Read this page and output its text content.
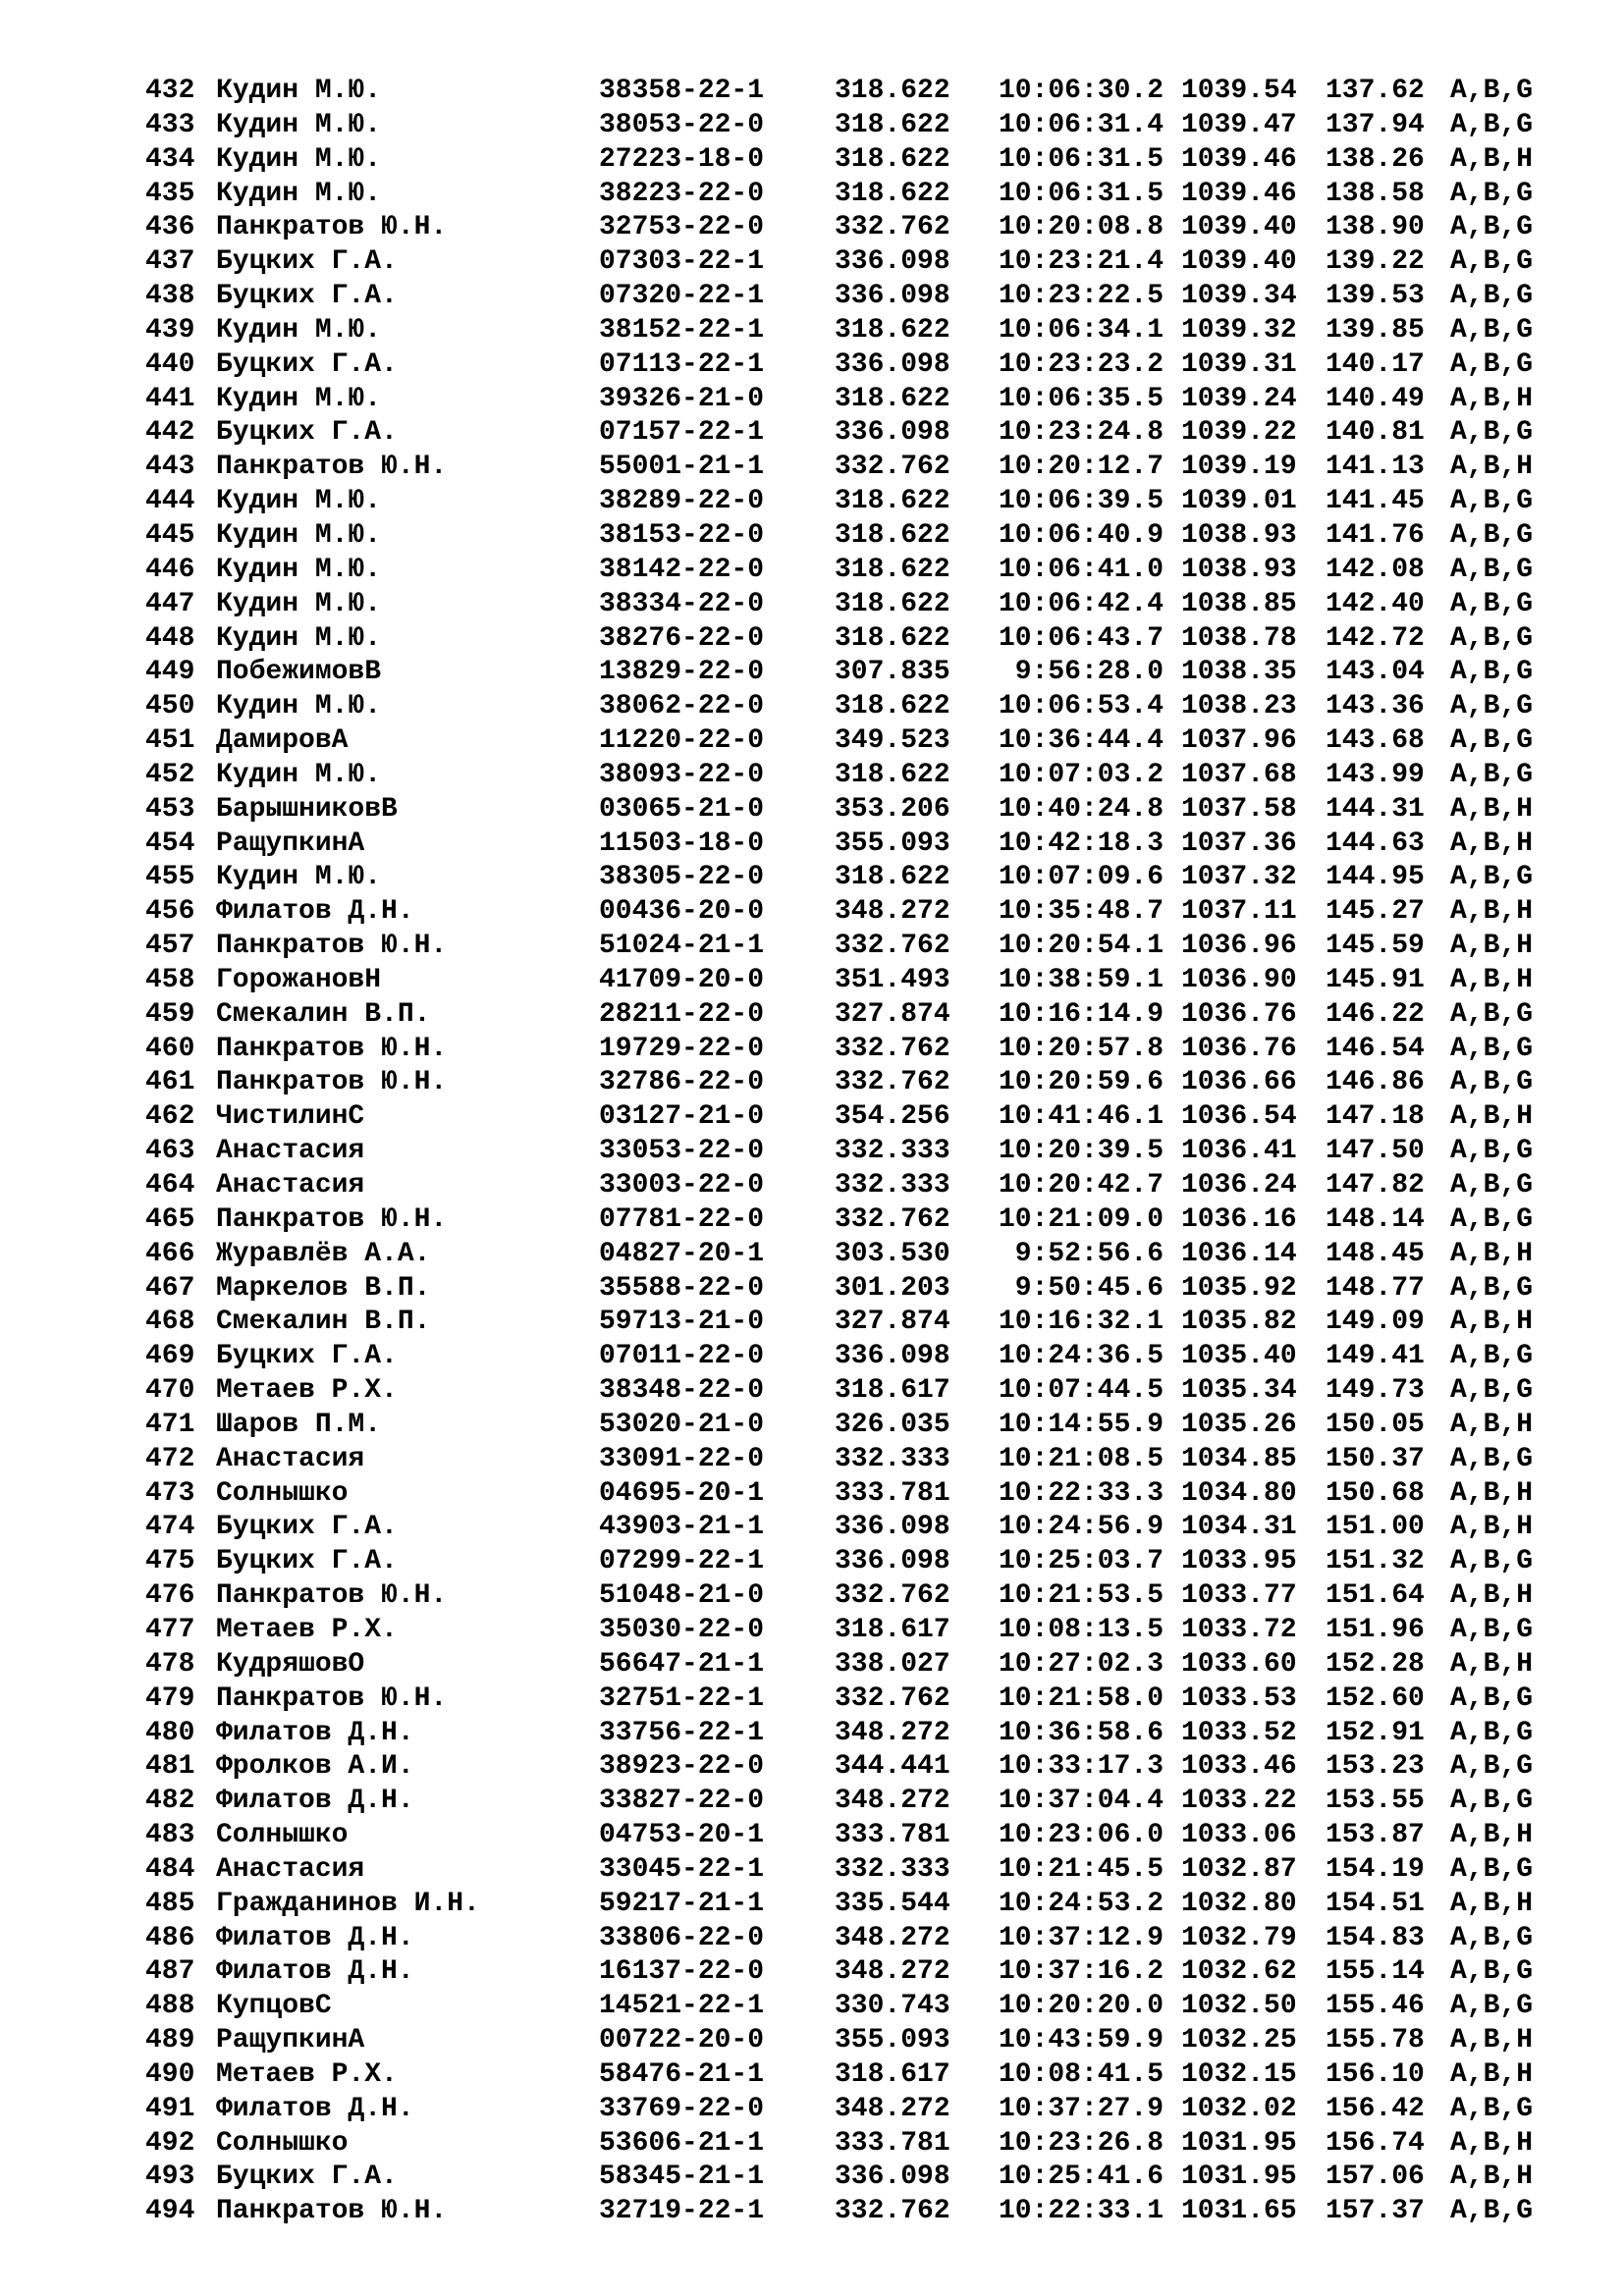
432 Кудин М.Ю.	38358-22-1	318.622	10:06:30.2 1039.54 137.62 A,B,G
433 Кудин М.Ю.	38053-22-0	318.622	10:06:31.4 1039.47 137.94 A,B,G
434 Кудин М.Ю.	27223-18-0	318.622	10:06:31.5 1039.46 138.26 A,B,H
435 Кудин М.Ю.	38223-22-0	318.622	10:06:31.5 1039.46 138.58 A,B,G
436 Панкратов Ю.Н.	32753-22-0	332.762	10:20:08.8 1039.40 138.90 A,B,G
437 Буцких Г.А.	07303-22-1	336.098	10:23:21.4 1039.40 139.22 A,B,G
438 Буцких Г.А.	07320-22-1	336.098	10:23:22.5 1039.34 139.53 A,B,G
439 Кудин М.Ю.	38152-22-1	318.622	10:06:34.1 1039.32 139.85 A,B,G
440 Буцких Г.А.	07113-22-1	336.098	10:23:23.2 1039.31 140.17 A,B,G
441 Кудин М.Ю.	39326-21-0	318.622	10:06:35.5 1039.24 140.49 A,B,H
442 Буцких Г.А.	07157-22-1	336.098	10:23:24.8 1039.22 140.81 A,B,G
443 Панкратов Ю.Н.	55001-21-1	332.762	10:20:12.7 1039.19 141.13 A,B,H
444 Кудин М.Ю.	38289-22-0	318.622	10:06:39.5 1039.01 141.45 A,B,G
445 Кудин М.Ю.	38153-22-0	318.622	10:06:40.9 1038.93 141.76 A,B,G
446 Кудин М.Ю.	38142-22-0	318.622	10:06:41.0 1038.93 142.08 A,B,G
447 Кудин М.Ю.	38334-22-0	318.622	10:06:42.4 1038.85 142.40 A,B,G
448 Кудин М.Ю.	38276-22-0	318.622	10:06:43.7 1038.78 142.72 A,B,G
449 ПобежимовВ	13829-22-0	307.835	9:56:28.0 1038.35 143.04 A,B,G
450 Кудин М.Ю.	38062-22-0	318.622	10:06:53.4 1038.23 143.36 A,B,G
451 ДамировА	11220-22-0	349.523	10:36:44.4 1037.96 143.68 A,B,G
452 Кудин М.Ю.	38093-22-0	318.622	10:07:03.2 1037.68 143.99 A,B,G
453 БарышниковВ	03065-21-0	353.206	10:40:24.8 1037.58 144.31 A,B,H
454 РащупкинА	11503-18-0	355.093	10:42:18.3 1037.36 144.63 A,B,H
455 Кудин М.Ю.	38305-22-0	318.622	10:07:09.6 1037.32 144.95 A,B,G
456 Филатов Д.Н.	00436-20-0	348.272	10:35:48.7 1037.11 145.27 A,B,H
457 Панкратов Ю.Н.	51024-21-1	332.762	10:20:54.1 1036.96 145.59 A,B,H
458 ГорожановН	41709-20-0	351.493	10:38:59.1 1036.90 145.91 A,B,H
459 Смекалин В.П.	28211-22-0	327.874	10:16:14.9 1036.76 146.22 A,B,G
460 Панкратов Ю.Н.	19729-22-0	332.762	10:20:57.8 1036.76 146.54 A,B,G
461 Панкратов Ю.Н.	32786-22-0	332.762	10:20:59.6 1036.66 146.86 A,B,G
462 ЧистилинС	03127-21-0	354.256	10:41:46.1 1036.54 147.18 A,B,H
463 Анастасия	33053-22-0	332.333	10:20:39.5 1036.41 147.50 A,B,G
464 Анастасия	33003-22-0	332.333	10:20:42.7 1036.24 147.82 A,B,G
465 Панкратов Ю.Н.	07781-22-0	332.762	10:21:09.0 1036.16 148.14 A,B,G
466 Журавлёв А.А.	04827-20-1	303.530	9:52:56.6 1036.14 148.45 A,B,H
467 Маркелов В.П.	35588-22-0	301.203	9:50:45.6 1035.92 148.77 A,B,G
468 Смекалин В.П.	59713-21-0	327.874	10:16:32.1 1035.82 149.09 A,B,H
469 Буцких Г.А.	07011-22-0	336.098	10:24:36.5 1035.40 149.41 A,B,G
470 Метаев Р.Х.	38348-22-0	318.617	10:07:44.5 1035.34 149.73 A,B,G
471 Шаров П.М.	53020-21-0	326.035	10:14:55.9 1035.26 150.05 A,B,H
472 Анастасия	33091-22-0	332.333	10:21:08.5 1034.85 150.37 A,B,G
473 Солнышко	04695-20-1	333.781	10:22:33.3 1034.80 150.68 A,B,H
474 Буцких Г.А.	43903-21-1	336.098	10:24:56.9 1034.31 151.00 A,B,H
475 Буцких Г.А.	07299-22-1	336.098	10:25:03.7 1033.95 151.32 A,B,G
476 Панкратов Ю.Н.	51048-21-0	332.762	10:21:53.5 1033.77 151.64 A,B,H
477 Метаев Р.Х.	35030-22-0	318.617	10:08:13.5 1033.72 151.96 A,B,G
478 КудряшовО	56647-21-1	338.027	10:27:02.3 1033.60 152.28 A,B,H
479 Панкратов Ю.Н.	32751-22-1	332.762	10:21:58.0 1033.53 152.60 A,B,G
480 Филатов Д.Н.	33756-22-1	348.272	10:36:58.6 1033.52 152.91 A,B,G
481 Фролков А.И.	38923-22-0	344.441	10:33:17.3 1033.46 153.23 A,B,G
482 Филатов Д.Н.	33827-22-0	348.272	10:37:04.4 1033.22 153.55 A,B,G
483 Солнышко	04753-20-1	333.781	10:23:06.0 1033.06 153.87 A,B,H
484 Анастасия	33045-22-1	332.333	10:21:45.5 1032.87 154.19 A,B,G
485 Гражданинов И.Н.	59217-21-1	335.544	10:24:53.2 1032.80 154.51 A,B,H
486 Филатов Д.Н.	33806-22-0	348.272	10:37:12.9 1032.79 154.83 A,B,G
487 Филатов Д.Н.	16137-22-0	348.272	10:37:16.2 1032.62 155.14 A,B,G
488 КупцовС	14521-22-1	330.743	10:20:20.0 1032.50 155.46 A,B,G
489 РащупкинА	00722-20-0	355.093	10:43:59.9 1032.25 155.78 A,B,H
490 Метаев Р.Х.	58476-21-1	318.617	10:08:41.5 1032.15 156.10 A,B,H
491 Филатов Д.Н.	33769-22-0	348.272	10:37:27.9 1032.02 156.42 A,B,G
492 Солнышко	53606-21-1	333.781	10:23:26.8 1031.95 156.74 A,B,H
493 Буцких Г.А.	58345-21-1	336.098	10:25:41.6 1031.95 157.06 A,B,H
494 Панкратов Ю.Н.	32719-22-1	332.762	10:22:33.1 1031.65 157.37 A,B,G
